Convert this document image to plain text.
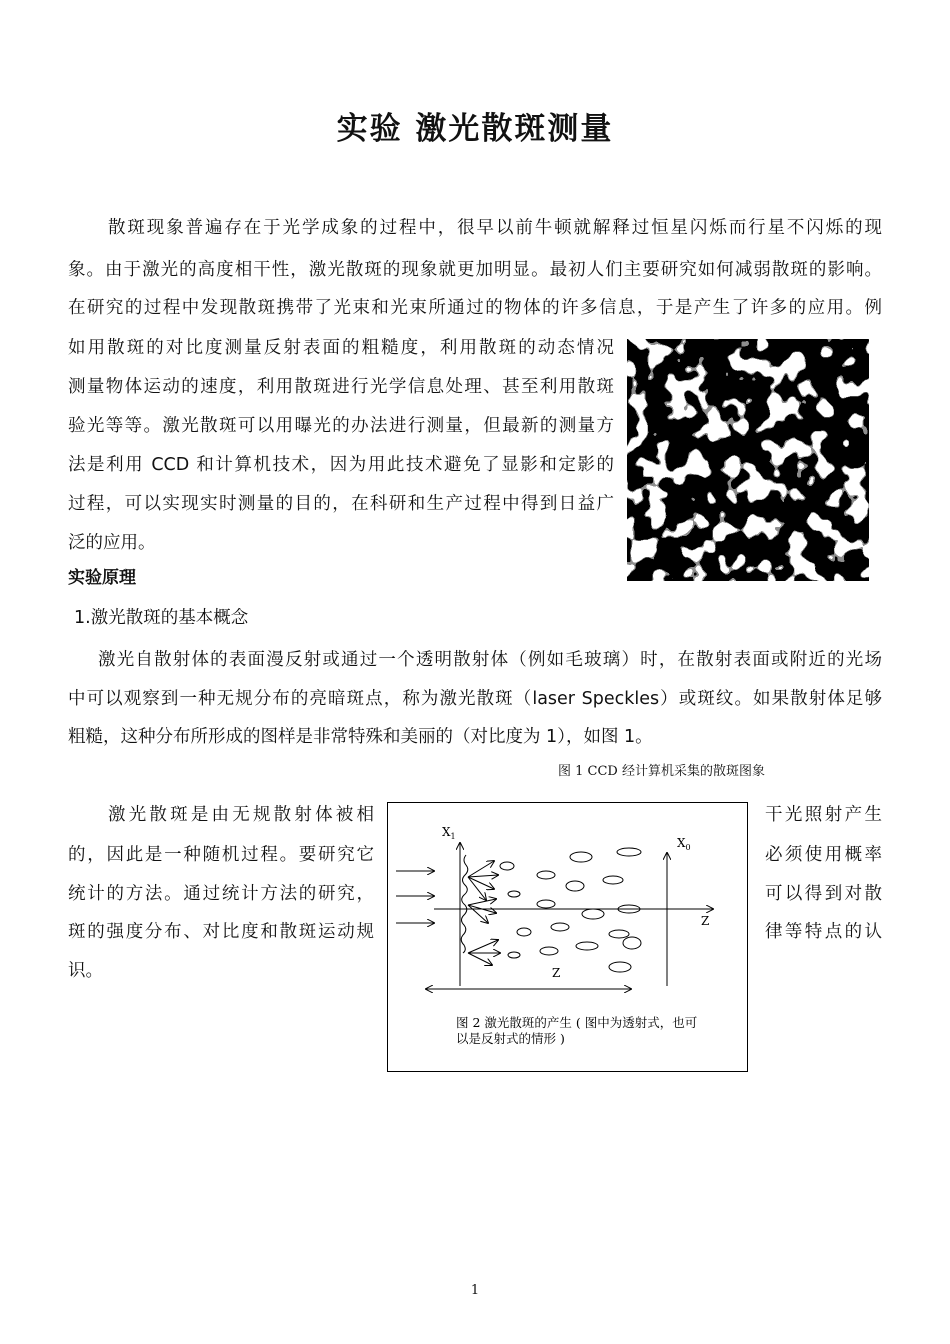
实验 激光散斑测量
散斑现象普遍存在于光学成象的过程中，很早以前牛顿就解释过恒星闪烁而行星不闪烁的现
象。由于激光的高度相干性，激光散斑的现象就更加明显。最初人们主要研究如何减弱散斑的影响。
在研究的过程中发现散斑携带了光束和光束所通过的物体的许多信息，于是产生了许多的应用。例
如用散斑的对比度测量反射表面的粗糙度，利用散斑的动态情况
测量物体运动的速度，利用散斑进行光学信息处理、甚至利用散斑
验光等等。激光散斑可以用曝光的办法进行测量，但最新的测量方
法是利用 CCD 和计算机技术，因为用此技术避免了显影和定影的
过程，可以实现实时测量的目的，在科研和生产过程中得到日益广
泛的应用。
实验原理
1.激光散斑的基本概念
激光自散射体的表面漫反射或通过一个透明散射体（例如毛玻璃）时，在散射表面或附近的光场
中可以观察到一种无规分布的亮暗斑点，称为激光散斑（laser Speckles）或斑纹。如果散射体足够
粗糙，这种分布所形成的图样是非常特殊和美丽的（对比度为 1），如图 1。
图 1 CCD 经计算机采集的散斑图象
激光散斑是由无规散射体被相
的，因此是一种随机过程。要研究它
统计的方法。通过统计方法的研究，
斑的强度分布、对比度和散斑运动规
识。
干光照射产生
必须使用概率
可以得到对散
律等特点的认
$X_1$
Z
$X_0$
Z
图 2 激光散斑的产生 ( 图中为透射式，也可
以是反射式的情形 )
1
